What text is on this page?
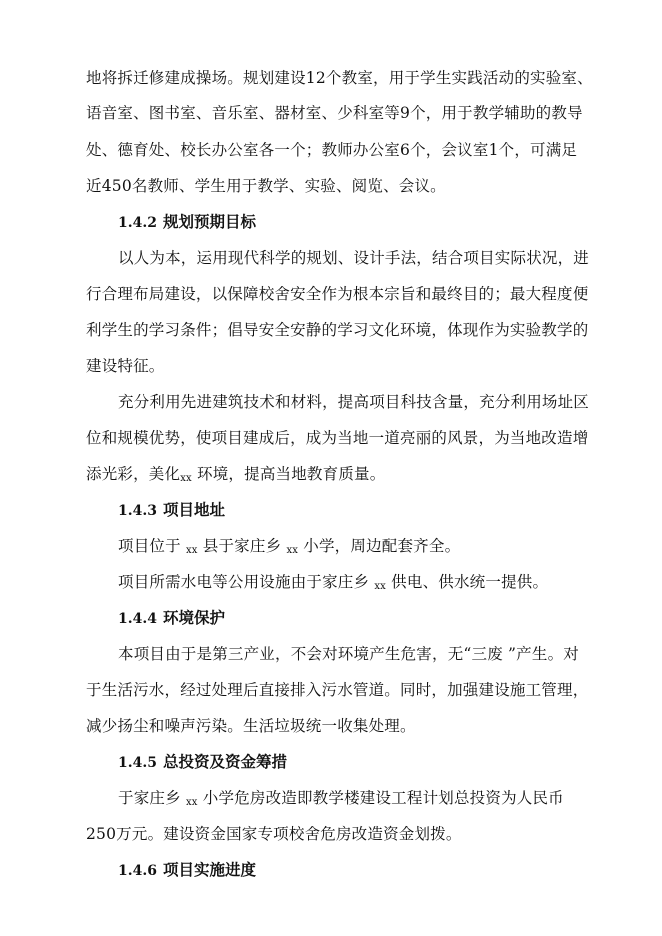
地将拆迁修建成操场。规划建设12个教室，用于学生实践活动的实验室、
语音室、图书室、音乐室、器材室、少科室等9个，用于教学辅助的教导
处、德育处、校长办公室各一个；教师办公室6个，会议室1个，可满足
近450名教师、学生用于教学、实验、阅览、会议。
1.4.2 规划预期目标
以人为本，运用现代科学的规划、设计手法，结合项目实际状况，进
行合理布局建设，以保障校舍安全作为根本宗旨和最终目的；最大程度便
利学生的学习条件；倡导安全安静的学习文化环境，体现作为实验教学的
建设特征。
充分利用先进建筑技术和材料，提高项目科技含量，充分利用场址区
位和规模优势，使项目建成后，成为当地一道亮丽的风景，为当地改造增
添光彩，美化xx 环境，提高当地教育质量。
1.4.3 项目地址
项目位于 xx 县于家庄乡 xx 小学，周边配套齐全。
项目所需水电等公用设施由于家庄乡 xx 供电、供水统一提供。
1.4.4 环境保护
本项目由于是第三产业，不会对环境产生危害，无“三废 ”产生。对
于生活污水，经过处理后直接排入污水管道。同时，加强建设施工管理，
减少扬尘和噪声污染。生活垃圾统一收集处理。
1.4.5 总投资及资金筹措
于家庄乡 xx 小学危房改造即教学楼建设工程计划总投资为人民币
250万元。建设资金国家专项校舍危房改造资金划拨。
1.4.6 项目实施进度
